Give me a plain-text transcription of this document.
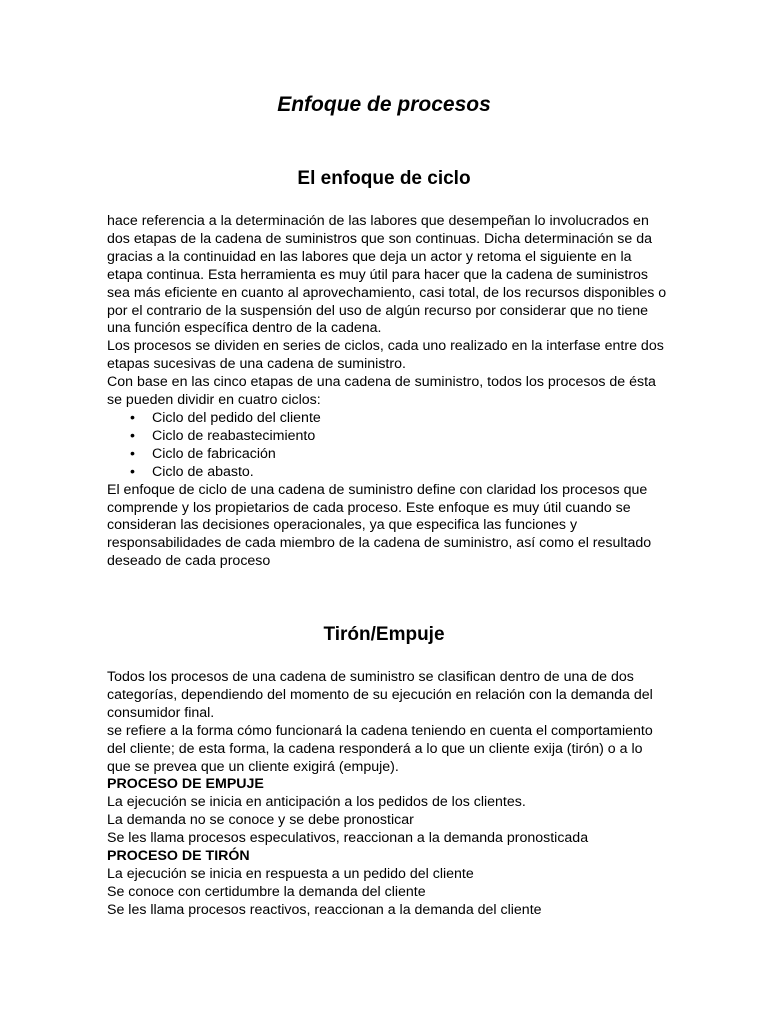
Enfoque de procesos
El enfoque de ciclo

hace referencia a la determinación de las labores que desempeñan lo involucrados en dos etapas de la cadena de suministros que son continuas. Dicha determinación se da gracias a la continuidad en las labores que deja un actor y retoma el siguiente en la etapa continua. Esta herramienta es muy útil para hacer que la cadena de suministros sea más eficiente en cuanto al aprovechamiento, casi total, de los recursos disponibles o por el contrario de la suspensión del uso de algún recurso por considerar que no tiene una función específica dentro de la cadena.

Los procesos se dividen en series de ciclos, cada uno realizado en la interfase entre dos etapas sucesivas de una cadena de suministro.

Con base en las cinco etapas de una cadena de suministro, todos los procesos de ésta se pueden dividir en cuatro ciclos:

• Ciclo del pedido del cliente
• Ciclo de reabastecimiento
• Ciclo de fabricación
• Ciclo de abasto.

El enfoque de ciclo de una cadena de suministro define con claridad los procesos que comprende y los propietarios de cada proceso. Este enfoque es muy útil cuando se consideran las decisiones operacionales, ya que especifica las funciones y responsabilidades de cada miembro de la cadena de suministro, así como el resultado deseado de cada proceso

Tirón/Empuje

Todos los procesos de una cadena de suministro se clasifican dentro de una de dos categorías, dependiendo del momento de su ejecución en relación con la demanda del consumidor final.

se refiere a la forma cómo funcionará la cadena teniendo en cuenta el comportamiento del cliente; de esta forma, la cadena responderá a lo que un cliente exija (tirón) o a lo que se prevea que un cliente exigirá (empuje).

PROCESO DE EMPUJE

La ejecución se inicia en anticipación a los pedidos de los clientes.

La demanda no se conoce y se debe pronosticar

Se les llama procesos especulativos, reaccionan a la demanda pronosticada

PROCESO DE TIRÓN

La ejecución se inicia en respuesta a un pedido del cliente

Se conoce con certidumbre la demanda del cliente

Se les llama procesos reactivos, reaccionan a la demanda del cliente
